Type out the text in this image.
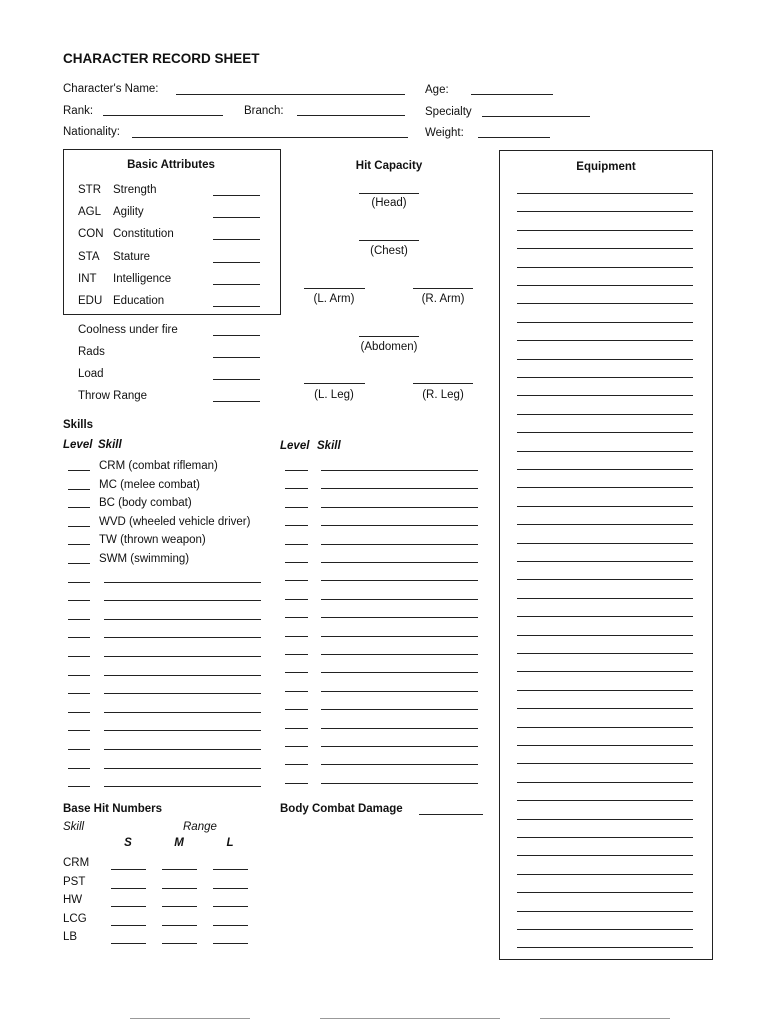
CHARACTER RECORD SHEET
Character's Name:	Age:
Rank:	Branch:	Specialty
Nationality:	Weight:
Basic Attributes
STR Strength
AGL Agility
CON Constitution
STA Stature
INT Intelligence
EDU Education
Coolness under fire
Rads
Load
Throw Range
Hit Capacity
(Head)
(Chest)
(L. Arm)	(R. Arm)
(Abdomen)
(L. Leg)	(R. Leg)
Skills
Level Skill	Level Skill
CRM (combat rifleman)
MC (melee combat)
BC (body combat)
WVD (wheeled vehicle driver)
TW (thrown weapon)
SWM (swimming)
Base Hit Numbers
Skill	Range
S	M	L
CRM
PST
HW
LCG
LB
Body Combat Damage
Equipment
